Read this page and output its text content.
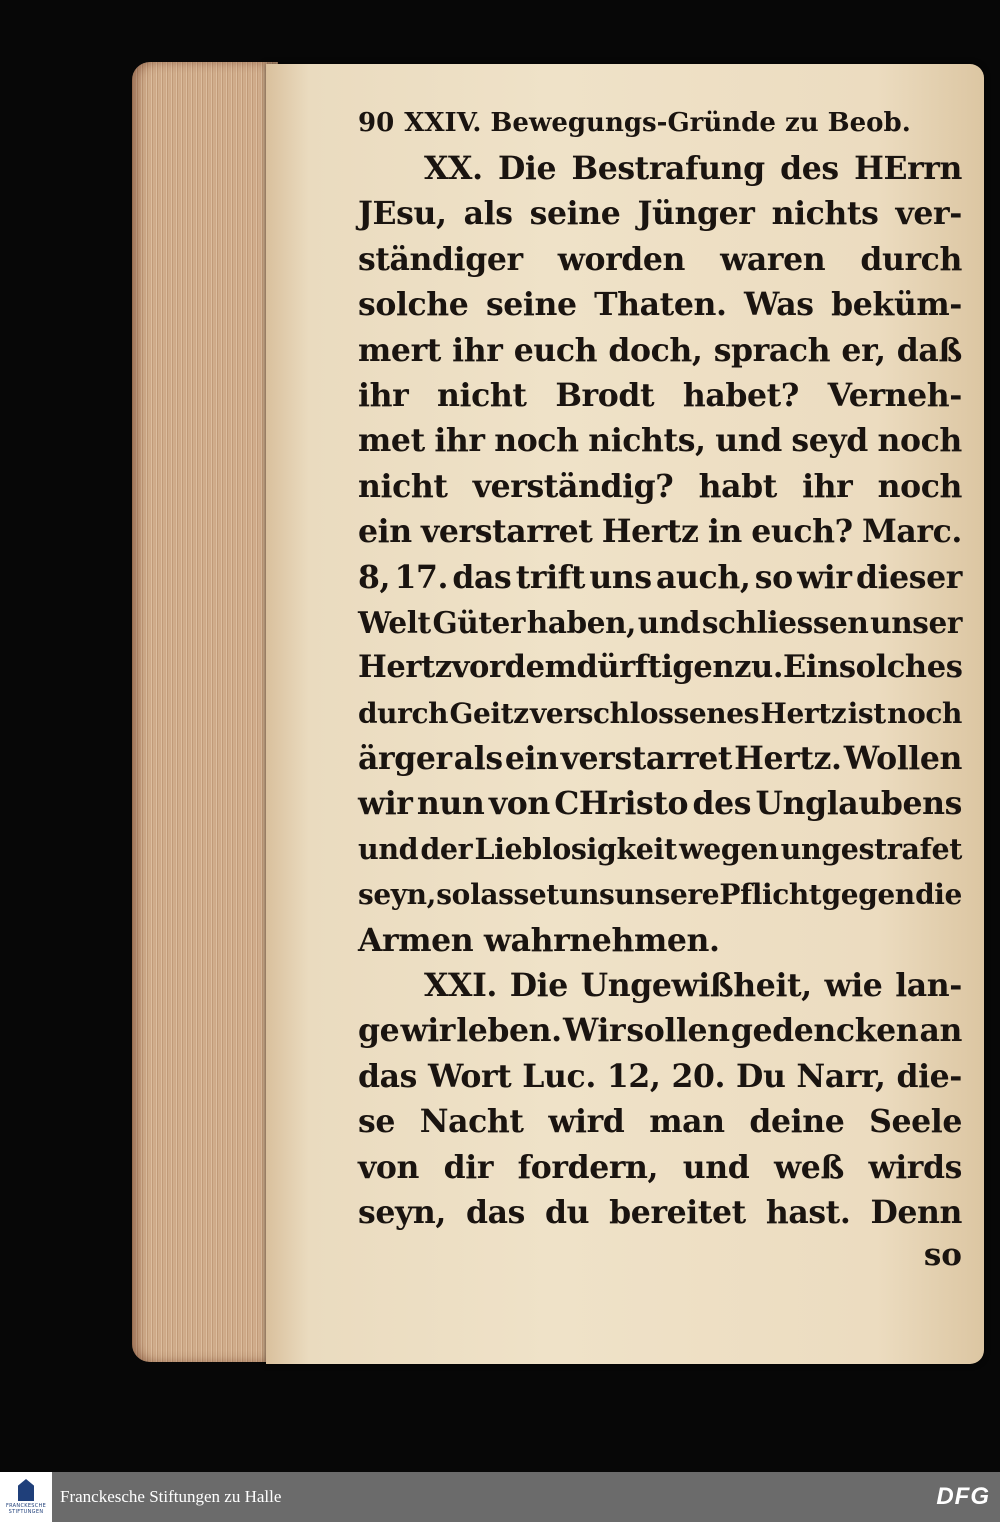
90 XXIV. Bewegungs-Gründe zu Beob.
XX. Die Bestrafung des HErrn
JEsu, als seine Jünger nichts ver-
ständiger worden waren durch
solche seine Thaten. Was beküm-
mert ihr euch doch, sprach er, daß
ihr nicht Brodt habet? Verneh-
met ihr noch nichts, und seyd noch
nicht verständig? habt ihr noch
ein verstarret Hertz in euch? Marc.
8, 17. das trift uns auch, so wir dieser
Welt Güter haben, und schliessen unser
Hertz vor dem dürftigen zu. Ein solches
durch Geitz verschlossenes Hertz ist noch
ärger als ein verstarret Hertz. Wollen
wir nun von CHristo des Unglaubens
und der Lieblosigkeit wegen ungestrafet
seyn, so lasset uns unsere Pflicht gegen die
Armen wahrnehmen.
XXI. Die Ungewißheit, wie lan-
ge wir leben. Wir sollen gedencken an
das Wort Luc. 12, 20. Du Narr, die-
se Nacht wird man deine Seele
von dir fordern, und weß wirds
seyn, das du bereitet hast. Denn
so
FRANCKESCHE STIFTUNGEN
Franckesche Stiftungen zu Halle	DFG
